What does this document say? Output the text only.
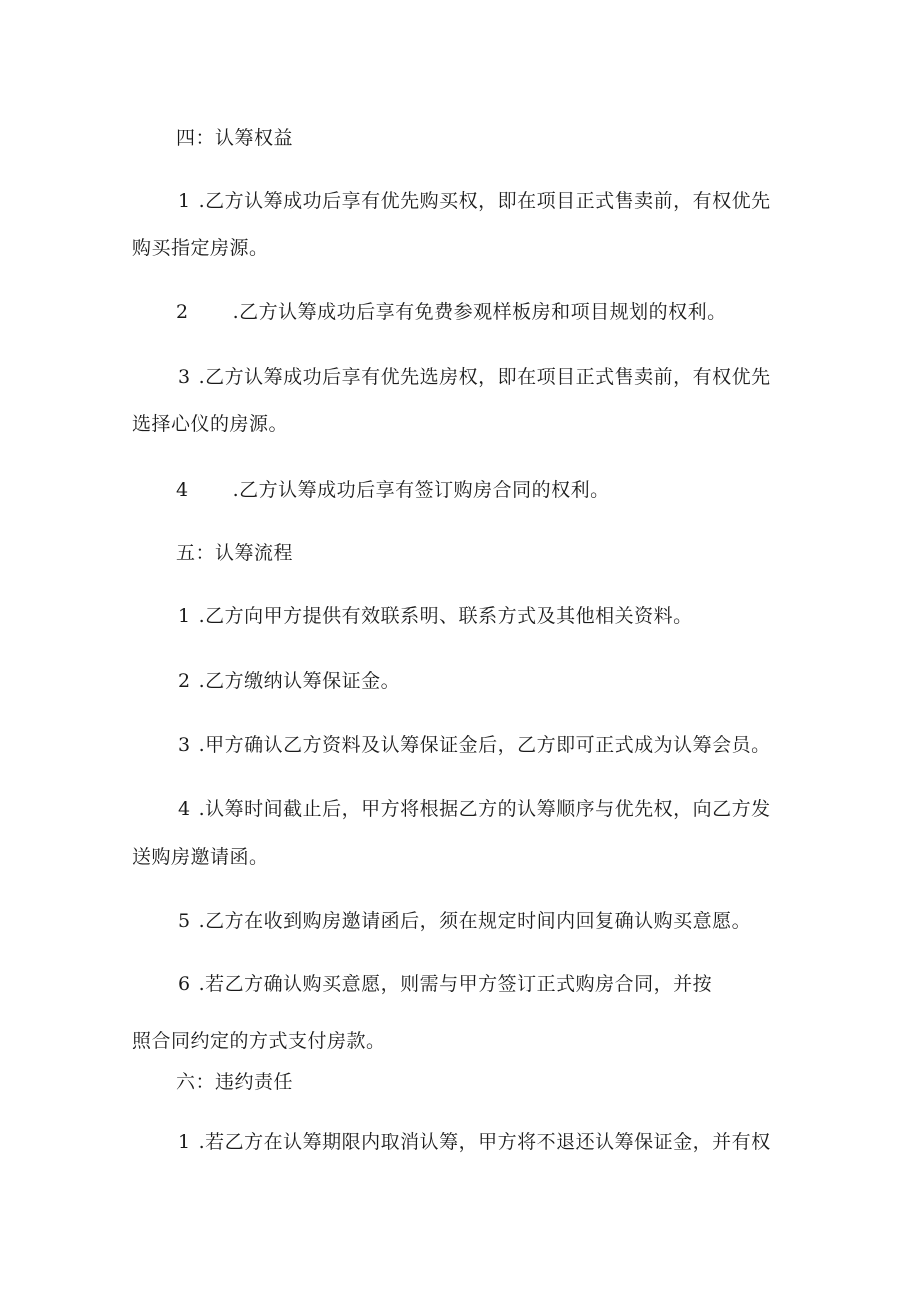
四：认筹权益
1 .乙方认筹成功后享有优先购买权，即在项目正式售卖前，有权优先
购买指定房源。
2 .乙方认筹成功后享有免费参观样板房和项目规划的权利。
3 .乙方认筹成功后享有优先选房权，即在项目正式售卖前，有权优先
选择心仪的房源。
4 .乙方认筹成功后享有签订购房合同的权利。
五：认筹流程
1 .乙方向甲方提供有效联系明、联系方式及其他相关资料。
2 .乙方缴纳认筹保证金。
3 .甲方确认乙方资料及认筹保证金后，乙方即可正式成为认筹会员。
4 .认筹时间截止后，甲方将根据乙方的认筹顺序与优先权，向乙方发
送购房邀请函。
5 .乙方在收到购房邀请函后，须在规定时间内回复确认购买意愿。
6 .若乙方确认购买意愿，则需与甲方签订正式购房合同，并按
照合同约定的方式支付房款。
六：违约责任
1 .若乙方在认筹期限内取消认筹，甲方将不退还认筹保证金，并有权
